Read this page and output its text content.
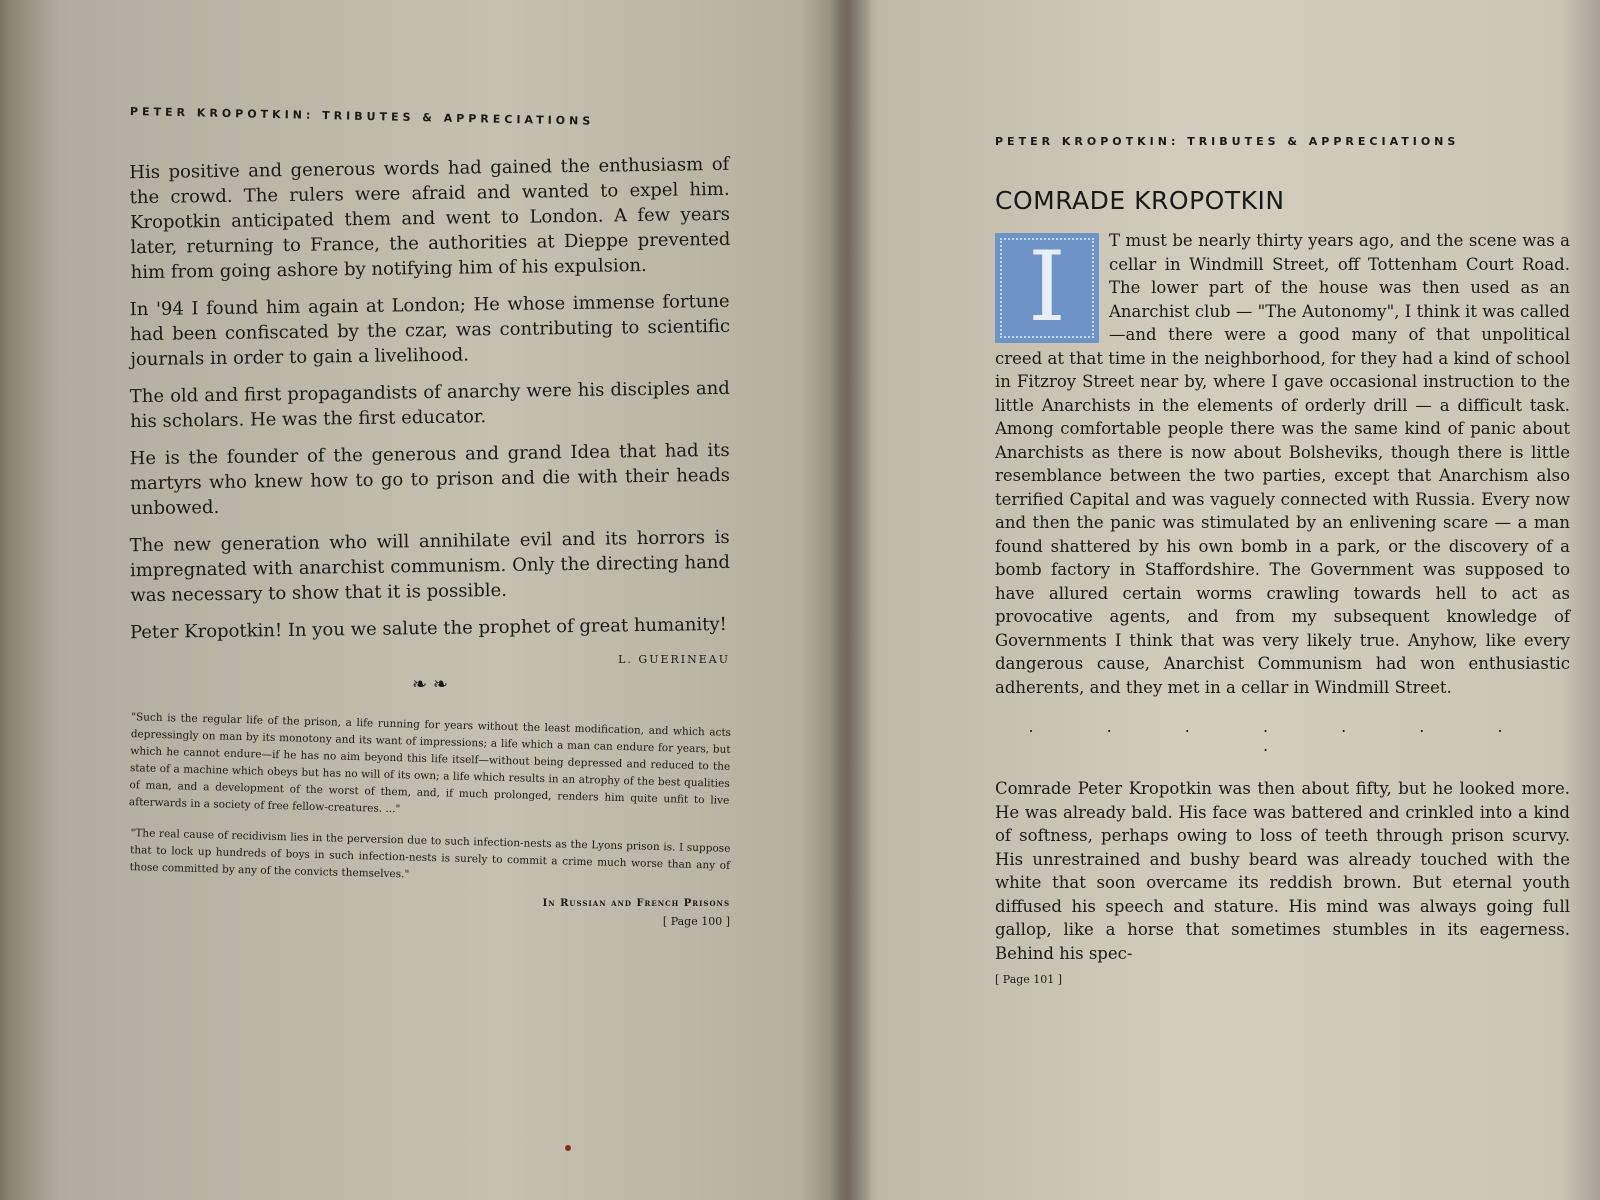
PETER KROPOTKIN: TRIBUTES & APPRECIATIONS

His positive and generous words had gained the enthusiasm of the crowd. The rulers were afraid and wanted to expel him. Kropotkin anticipated them and went to London. A few years later, returning to France, the authorities at Dieppe prevented him from going ashore by notifying him of his expulsion.

In '94 I found him again at London; He whose immense fortune had been confiscated by the czar, was contributing to scientific journals in order to gain a livelihood.

The old and first propagandists of anarchy were his disciples and his scholars. He was the first educator.

He is the founder of the generous and grand Idea that had its martyrs who knew how to go to prison and die with their heads unbowed.

The new generation who will annihilate evil and its horrors is impregnated with anarchist communism. Only the directing hand was necessary to show that it is possible.

Peter Kropotkin! In you we salute the prophet of great humanity!

L. GUERINEAU
❧ ❧
"Such is the regular life of the prison, a life running for years without the least modification, and which acts depressingly on man by its monotony and its want of impressions; a life which a man can endure for years, but which he cannot endure—if he has no aim beyond this life itself—without being depressed and reduced to the state of a machine which obeys but has no will of its own; a life which results in an atrophy of the best qualities of man, and a development of the worst of them, and, if much prolonged, renders him quite unfit to live afterwards in a society of free fellow-creatures. ..."
"The real cause of recidivism lies in the perversion due to such infection-nests as the Lyons prison is. I suppose that to lock up hundreds of boys in such infection-nests is surely to commit a crime much worse than any of those committed by any of the convicts themselves."
In Russian and French Prisons
[ Page 100 ]
PETER KROPOTKIN: TRIBUTES & APPRECIATIONS
COMRADE KROPOTKIN

I	T must be nearly thirty years ago, and the scene was a cellar in Windmill Street, off Tottenham Court Road. The lower part of the house was then used as an Anarchist club — "The Autonomy", I think it was called—and there were a good many of that unpolitical creed at that time in the neighborhood, for they had a kind of school in Fitzroy Street near by, where I gave occasional instruction to the little Anarchists in the elements of orderly drill — a difficult task. Among comfortable people there was the same kind of panic about Anarchists as there is now about Bolsheviks, though there is little resemblance between the two parties, except that Anarchism also terrified Capital and was vaguely connected with Russia. Every now and then the panic was stimulated by an enlivening scare — a man found shattered by his own bomb in a park, or the discovery of a bomb factory in Staffordshire. The Government was supposed to have allured certain worms crawling towards hell to act as provocative agents, and from my subsequent knowledge of Governments I think that was very likely true. Anyhow, like every dangerous cause, Anarchist Communism had won enthusiastic adherents, and they met in a cellar in Windmill Street.

. . . . . . . .

Comrade Peter Kropotkin was then about fifty, but he looked more. He was already bald. His face was battered and crinkled into a kind of softness, perhaps owing to loss of teeth through prison scurvy. His unrestrained and bushy beard was already touched with the white that soon overcame its reddish brown. But eternal youth diffused his speech and stature. His mind was always going full gallop, like a horse that sometimes stumbles in its eagerness. Behind his spec-

[ Page 101 ]
